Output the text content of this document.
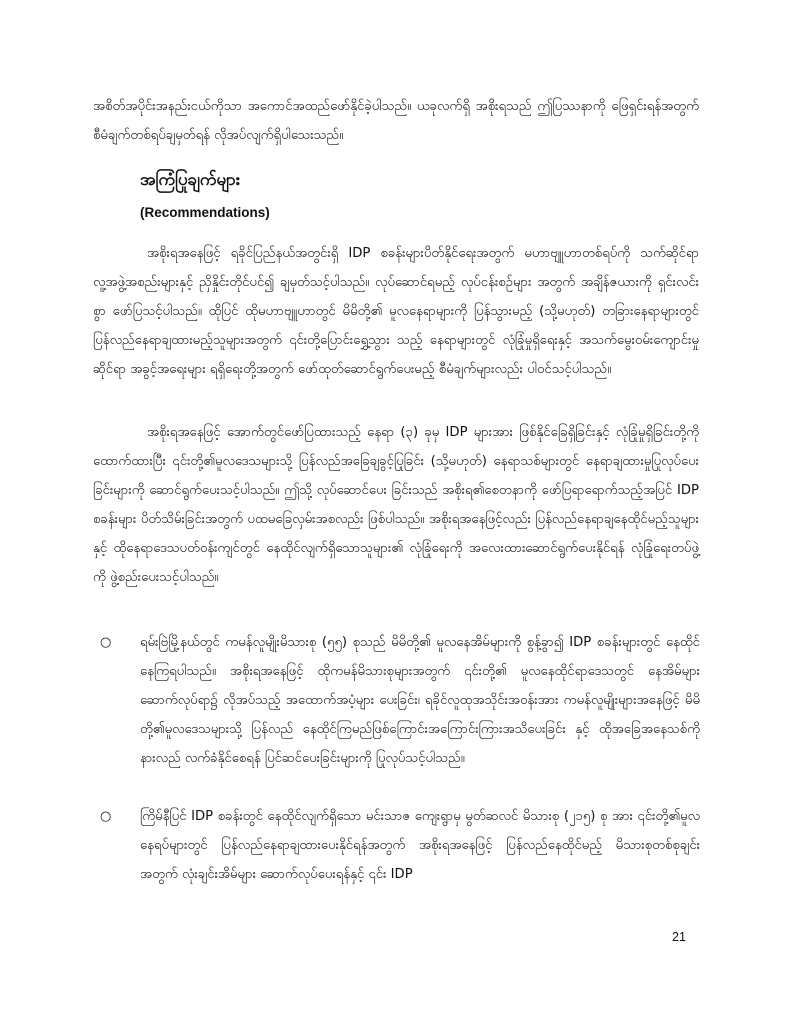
အစိတ်အပိုင်းအနည်းငယ်ကိုသာ အကောင်အထည်ဖော်နိုင်ခဲ့ပါသည်။ ယခုလက်ရှိ အစိုးရသည် ဤပြဿနာကို ဖြေရှင်းရန်အတွက် စီမံချက်တစ်ရပ်ချမှတ်ရန် လိုအပ်လျက်ရှိပါသေးသည်။

အကြံပြုချက်များ
(Recommendations)

အစိုးရအနေဖြင့် ရခိုင်ပြည်နယ်အတွင်းရှိ IDP စခန်းများပိတ်နိုင်ရေးအတွက် မဟာဗျူဟာတစ်ရပ်ကို သက်ဆိုင်ရာလူ့အဖွဲ့အစည်းများနှင့် ညှိနှိုင်းတိုင်ပင်၍ ချမှတ်သင့်ပါသည်။ လုပ်ဆောင်ရမည့် လုပ်ငန်းစဉ်များ အတွက် အချိန်ဇယားကို ရှင်းလင်းစွာ ဖော်ပြသင့်ပါသည်။ ထိုပြင် ထိုမဟာဗျူဟာတွင် မိမိတို့၏ မူလနေရာများကို ပြန်သွားမည့် (သို့မဟုတ်) တခြားနေရာများတွင် ပြန်လည်နေရာချထားမည့်သူများအတွက် ၎င်းတို့ပြောင်းရွှေ့သွား သည့် နေရာများတွင် လုံခြုံမှုရှိရေးနှင့် အသက်မွေးဝမ်းကျောင်းမှုဆိုင်ရာ အခွင့်အရေးများ ရရှိရေးတို့အတွက် ဖော်ထုတ်ဆောင်ရွက်ပေးမည့် စီမံချက်များလည်း ပါဝင်သင့်ပါသည်။

အစိုးရအနေဖြင့် အောက်တွင်ဖော်ပြထားသည့် နေရာ (၃) ခုမှ IDP များအား ဖြစ်နိုင်ခြေရှိခြင်းနှင့် လုံခြုံမှုရှိခြင်းတို့ကို ထောက်ထားပြီး ၎င်းတို့၏မူလဒေသများသို့ ပြန်လည်အခြေချခွင့်ပြုခြင်း (သို့မဟုတ်) နေရာသစ်များတွင် နေရာချထားမှုပြုလုပ်ပေးခြင်းများကို ဆောင်ရွက်ပေးသင့်ပါသည်။ ဤသို့ လုပ်ဆောင်ပေး ခြင်းသည် အစိုးရ၏စေတနာကို ဖော်ပြရာရောက်သည့်အပြင် IDP စခန်းများ ပိတ်သိမ်းခြင်းအတွက် ပထမခြေလှမ်းအစလည်း ဖြစ်ပါသည်။ အစိုးရအနေဖြင့်လည်း ပြန်လည်နေရာချနေထိုင်မည့်သူများနှင့် ထိုနေရာဒေသပတ်ဝန်းကျင်တွင် နေထိုင်လျက်ရှိသောသူများ၏ လုံခြုံရေးကို အလေးထားဆောင်ရွက်ပေးနိုင်ရန် လုံခြုံရေးတပ်ဖွဲ့ကို ဖွဲ့စည်းပေးသင့်ပါသည်။

○ ရမ်းဗြဲမြို့နယ်တွင် ကမန်လူမျိုးမိသားစု (၅၅) စုသည် မိမိတို့၏ မူလနေအိမ်များကို စွန့်ခွာ၍ IDP စခန်းများတွင် နေထိုင်နေကြရပါသည်။ အစိုးရအနေဖြင့် ထိုကမန်မိသားစုများအတွက် ၎င်းတို့၏ မူလနေထိုင်ရာဒေသတွင် နေအိမ်များ ဆောက်လုပ်ရာ၌ လိုအပ်သည့် အထောက်အပံ့များ ပေးခြင်း၊ ရခိုင်လူထုအသိုင်းအဝန်းအား ကမန်လူမျိုးများအနေဖြင့် မိမိတို့၏မူလဒေသများသို့ ပြန်လည် နေထိုင်ကြမည်ဖြစ်ကြောင်းအကြောင်းကြားအသိပေးခြင်း နှင့် ထိုအခြေအနေသစ်ကို နားလည် လက်ခံနိုင်စေရန် ပြင်ဆင်ပေးခြင်းများကို ပြုလုပ်သင့်ပါသည်။

○ ကြိမ်နီပြင် IDP စခန်းတွင် နေထိုင်လျက်ရှိသော မင်းသာဇ ကျေးရွာမှ မွတ်ဆလင် မိသားစု (၂၁၅) စု အား ၎င်းတို့၏မူလနေရပ်များတွင် ပြန်လည်နေရာချထားပေးနိုင်ရန်အတွက် အစိုးရအနေဖြင့် ပြန်လည်နေထိုင်မည့် မိသားစုတစ်စုချင်းအတွက် လုံးချင်းအိမ်များ ဆောက်လုပ်ပေးရန်နှင့် ၎င်း IDP

21
